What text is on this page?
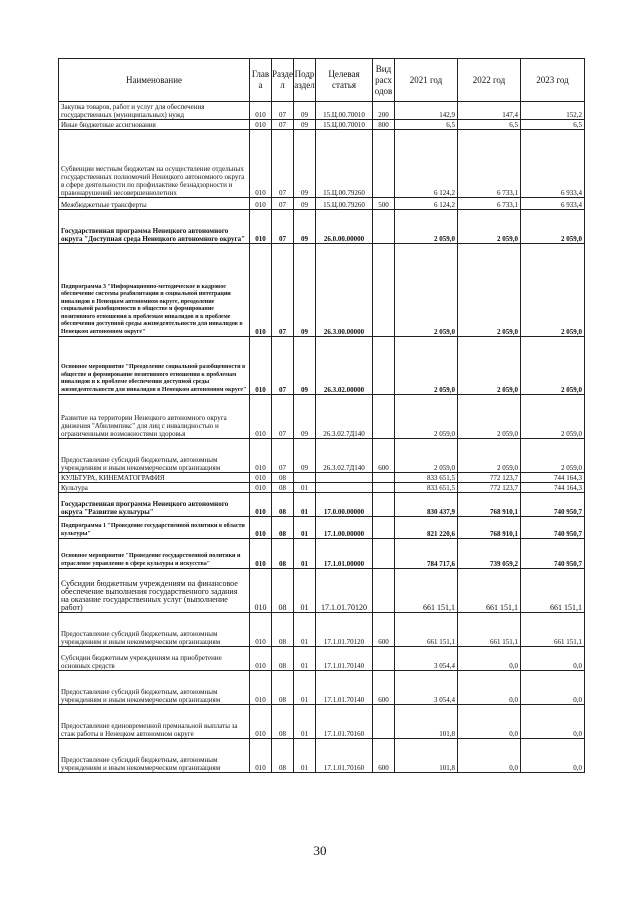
Наименование	Глав а	Разде л	Подр аздел	Целевая статья	Вид расх одов	2021 год	2022 год	2023 год
Закупка товаров, работ и услуг для обеспечения государственных (муниципальных) нужд	010	07	09	15.Ц.00.70010	200	142,9	147,4	152,2
Иные бюджетные ассигнования	010	07	09	15.Ц.00.70010	800	6,5	6,5	6,5
Субвенции местным бюджетам на осуществление отдельных государственных полномочий Ненецкого автономного округа в сфере деятельности по профилактике безнадзорности и правонарушений несовершеннолетних	010	07	09	15.Ц.00.79260		6 124,2	6 733,1	6 933,4
Межбюджетные трансферты	010	07	09	15.Ц.00.79260	500	6 124,2	6 733,1	6 933,4
Государственная программа Ненецкого автономного округа "Доступная среда Ненецкого автономного округа"	010	07	09	26.0.00.00000		2 059,0	2 059,0	2 059,0
Подпрограмма 3 "Информационно-методическое и кадровое обеспечение системы реабилитации и социальной интеграции инвалидов в Ненецком автономном округе, преодоление социальной разобщенности в обществе и формирование позитивного отношения к проблемам инвалидов и к проблеме обеспечения доступной среды жизнедеятельности для инвалидов в Ненецком автономном округе"	010	07	09	26.3.00.00000		2 059,0	2 059,0	2 059,0
Основное мероприятие "Преодоление социальной разобщенности в обществе и формирование позитивного отношения к проблемам инвалидов и к проблеме обеспечения доступной среды жизнедеятельности для инвалидов в Ненецком автономном округе"	010	07	09	26.3.02.00000		2 059,0	2 059,0	2 059,0
Развитие на территории Ненецкого автономного округа движения "Абилимпикс" для лиц с инвалидностью и ограниченными возможностями здоровья	010	07	09	26.3.02.7Д140		2 059,0	2 059,0	2 059,0
Предоставление субсидий бюджетным, автономным учреждениям и иным некоммерческим организациям	010	07	09	26.3.02.7Д140	600	2 059,0	2 059,0	2 059,0
КУЛЬТУРА, КИНЕМАТОГРАФИЯ	010	08				833 651,5	772 123,7	744 164,3
Культура	010	08	01			833 651,5	772 123,7	744 164,3
Государственная программа Ненецкого автономного округа "Развитие культуры"	010	08	01	17.0.00.00000		830 437,9	768 910,1	740 950,7
Подпрограмма 1 "Проведение государственной политики в области культуры"	010	08	01	17.1.00.00000		821 220,6	768 910,1	740 950,7
Основное мероприятие "Проведение государственной политики и отраслевое управление в сфере культуры и искусства"	010	08	01	17.1.01.00000		784 717,6	739 059,2	740 950,7
Субсидии бюджетным учреждениям на финансовое обеспечение выполнения государственного задания на оказание государственных услуг (выполнение работ)	010	08	01	17.1.01.70120		661 151,1	661 151,1	661 151,1
Предоставление субсидий бюджетным, автономным учреждениям и иным некоммерческим организациям	010	08	01	17.1.01.70120	600	661 151,1	661 151,1	661 151,1
Субсидии бюджетным учреждениям на приобретение основных средств	010	08	01	17.1.01.70140		3 054,4	0,0	0,0
Предоставление субсидий бюджетным, автономным учреждениям и иным некоммерческим организациям	010	08	01	17.1.01.70140	600	3 054,4	0,0	0,0
Предоставление единовременной премиальной выплаты за стаж работы в Ненецком автономном округе	010	08	01	17.1.01.70160		101,8	0,0	0,0
Предоставление субсидий бюджетным, автономным учреждениям и иным некоммерческим организациям	010	08	01	17.1.01.70160	600	101,8	0,0	0,0
30
